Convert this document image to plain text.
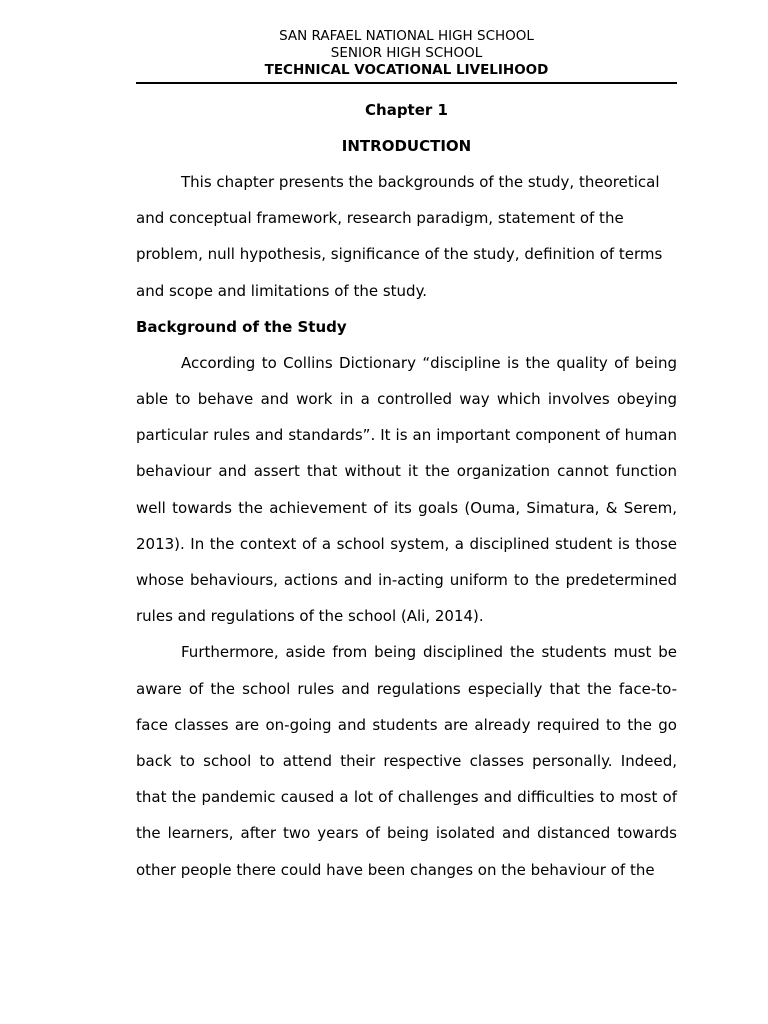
SAN RAFAEL NATIONAL HIGH SCHOOL
SENIOR HIGH SCHOOL
TECHNICAL VOCATIONAL LIVELIHOOD
Chapter 1
INTRODUCTION

This chapter presents the backgrounds of the study, theoretical and conceptual framework, research paradigm, statement of the problem, null hypothesis, significance of the study, definition of terms and scope and limitations of the study.

Background of the Study

According to Collins Dictionary “discipline is the quality of being able to behave and work in a controlled way which involves obeying particular rules and standards”. It is an important component of human behaviour and assert that without it the organization cannot function well towards the achievement of its goals (Ouma, Simatura, & Serem, 2013). In the context of a school system, a disciplined student is those whose behaviours, actions and in-acting uniform to the predetermined rules and regulations of the school (Ali, 2014).

Furthermore, aside from being disciplined the students must be aware of the school rules and regulations especially that the face-to-face classes are on-going and students are already required to the go back to school to attend their respective classes personally. Indeed, that the pandemic caused a lot of challenges and difficulties to most of the learners, after two years of being isolated and distanced towards other people there could have been changes on the behaviour of the
